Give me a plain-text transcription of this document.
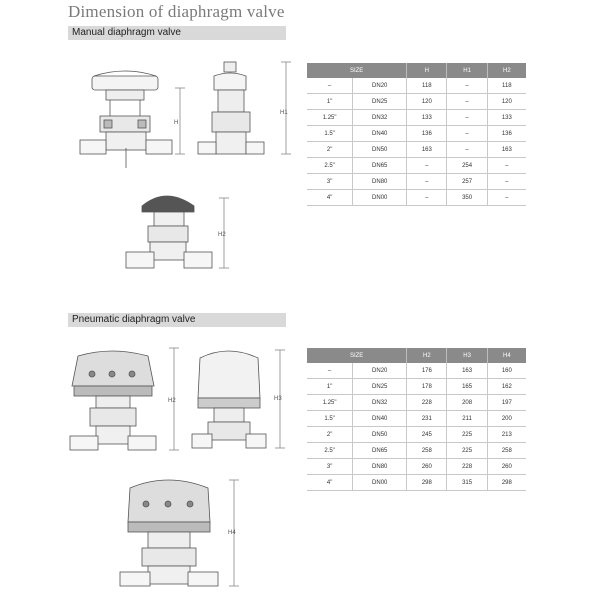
Dimension of diaphragm valve
Manual diaphragm valve
H
H1
H2
SIZE		H	H1	H2
–	DN20	118	–	118
1"	DN25	120	–	120
1.25"	DN32	133	–	133
1.5"	DN40	136	–	136
2"	DN50	163	–	163
2.5"	DN65	–	254	–
3"	DN80	–	257	–
4"	DN00	–	350	–
Pneumatic diaphragm valve
H2	H3
H4
SIZE		H2	H3	H4
–	DN20	176	163	160
1"	DN25	178	165	162
1.25"	DN32	228	208	197
1.5"	DN40	231	211	200
2"	DN50	245	225	213
2.5"	DN65	258	225	258
3"	DN80	260	228	260
4"	DN00	298	315	298
